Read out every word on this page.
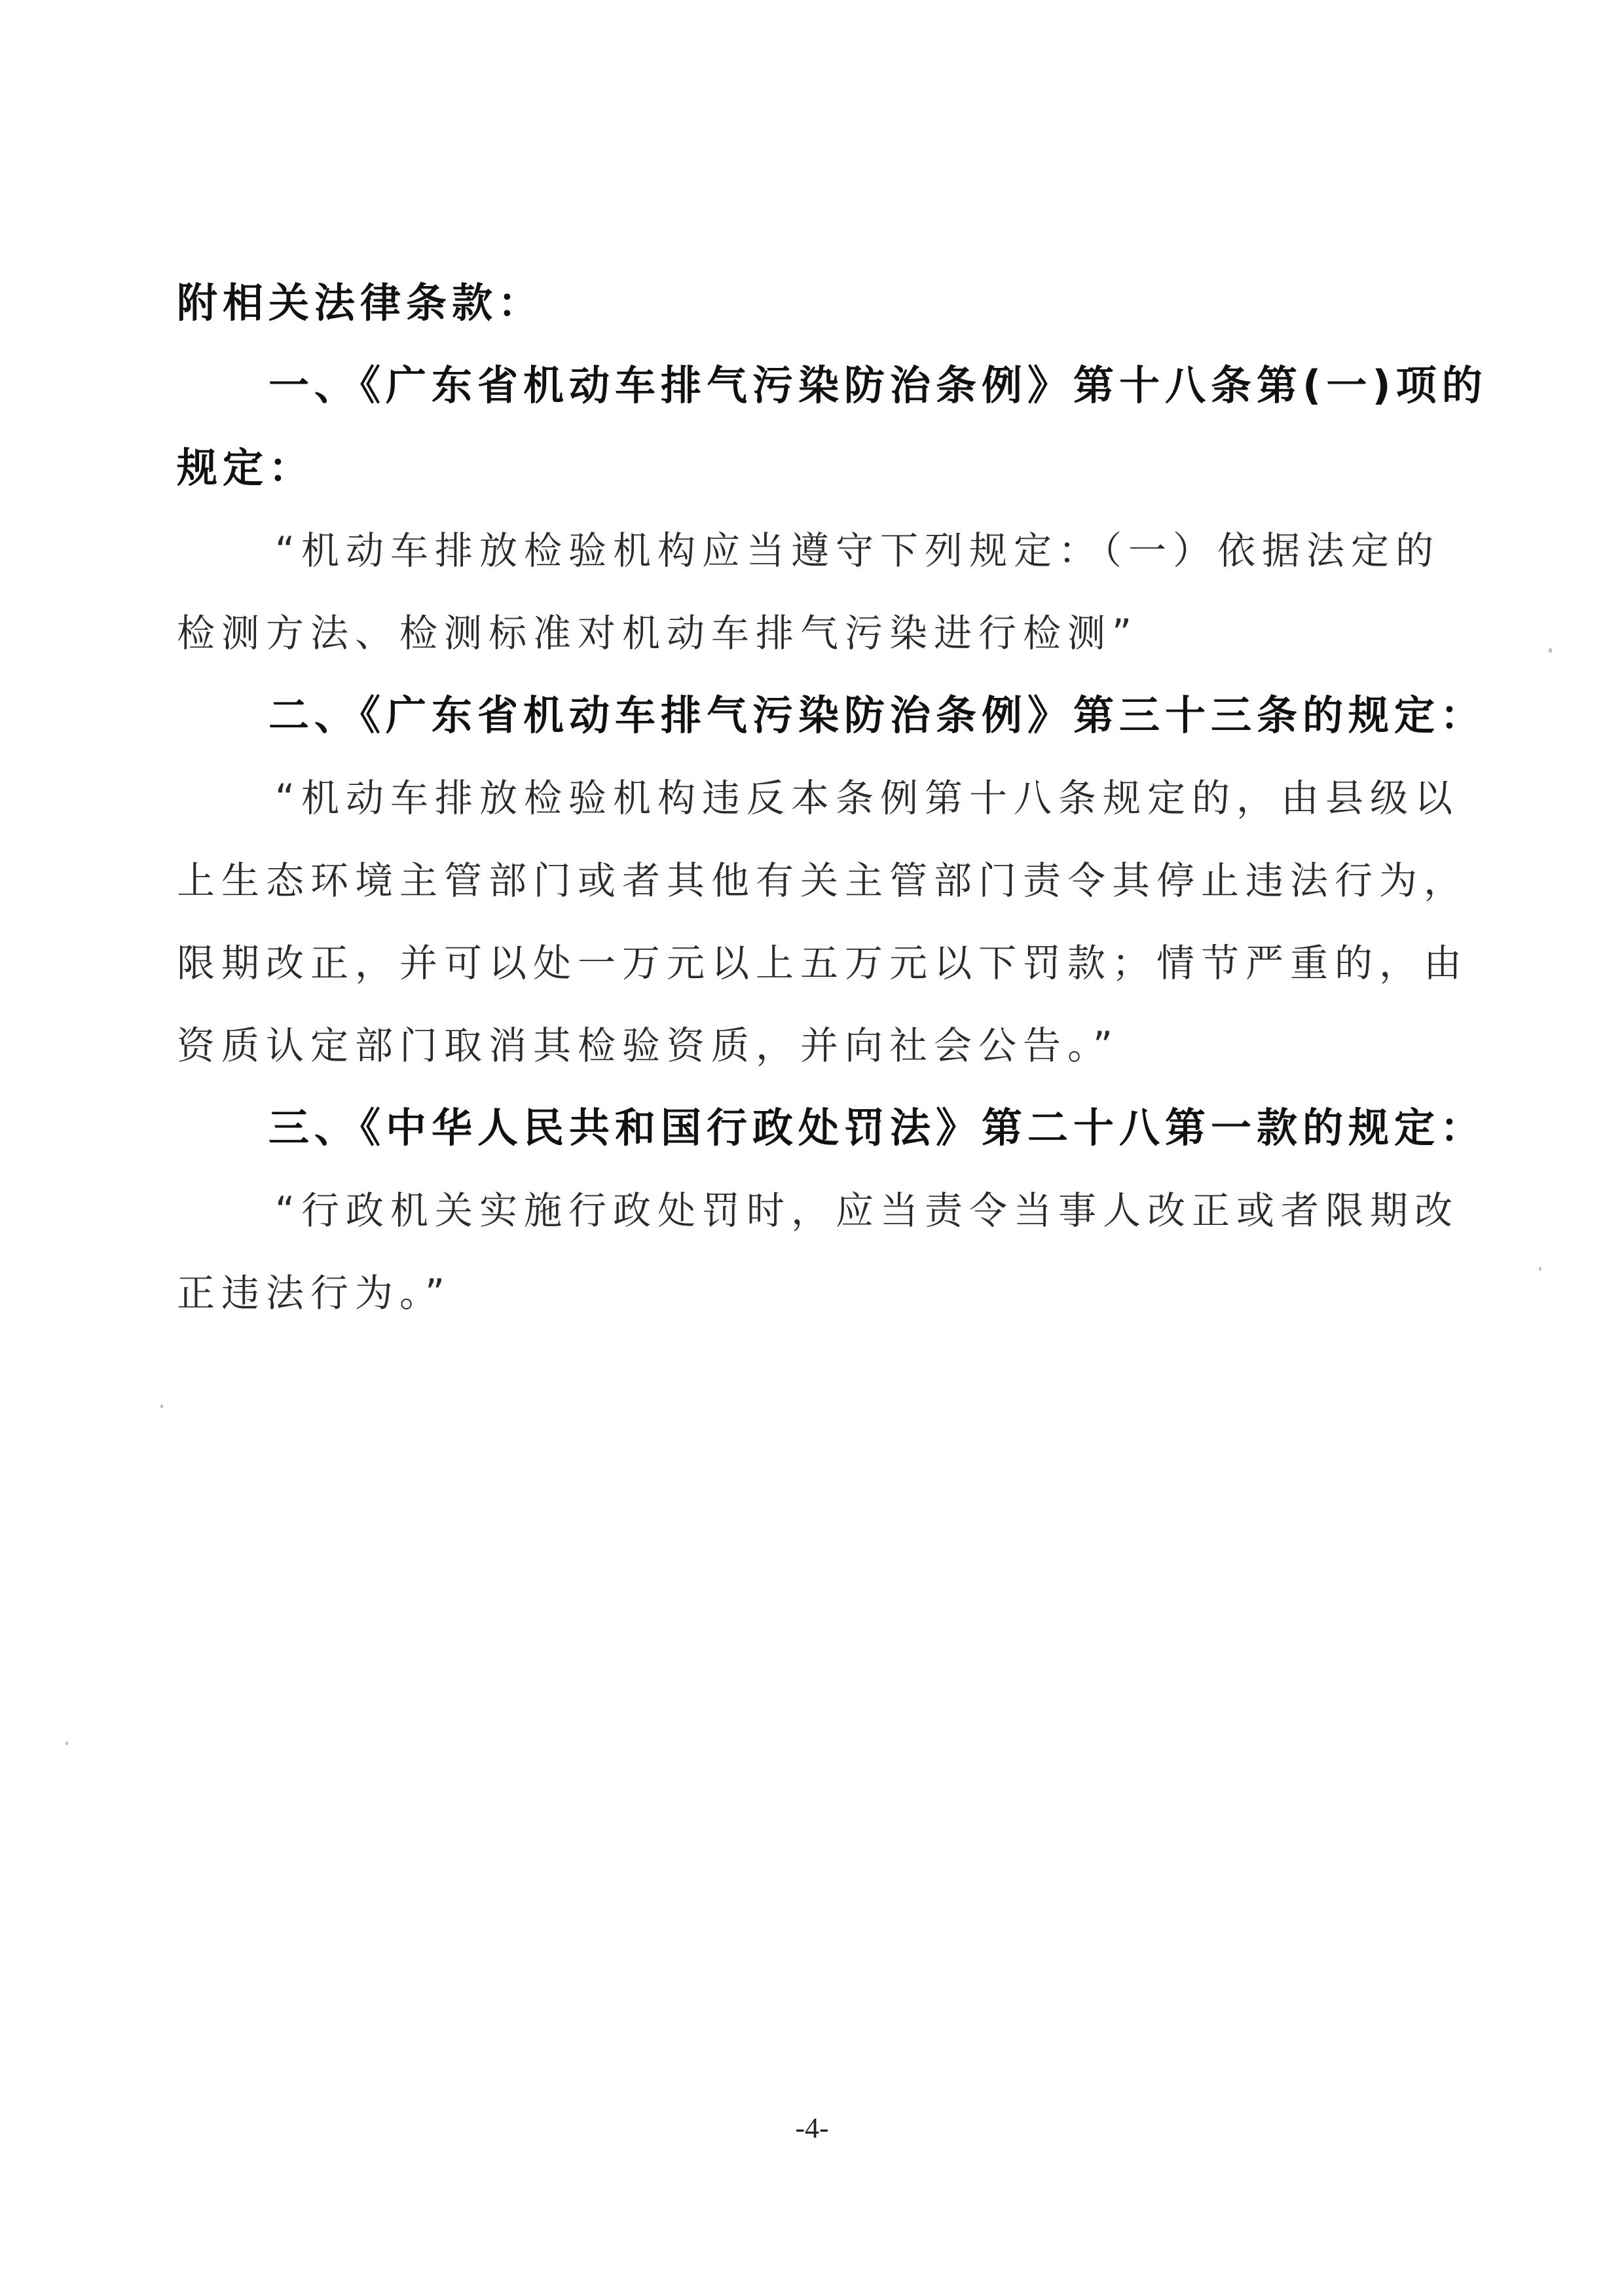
附相关法律条款：
一、《广东省机动车排气污染防治条例》第十八条第(一)项的
规定：
“机动车排放检验机构应当遵守下列规定：（一）依据法定的
检测方法、检测标准对机动车排气污染进行检测”
二、《广东省机动车排气污染防治条例》第三十三条的规定：
“机动车排放检验机构违反本条例第十八条规定的，由县级以
上生态环境主管部门或者其他有关主管部门责令其停止违法行为，
限期改正，并可以处一万元以上五万元以下罚款；情节严重的，由
资质认定部门取消其检验资质，并向社会公告。”
三、《中华人民共和国行政处罚法》第二十八第一款的规定：
“行政机关实施行政处罚时，应当责令当事人改正或者限期改
正违法行为。”
-4-
